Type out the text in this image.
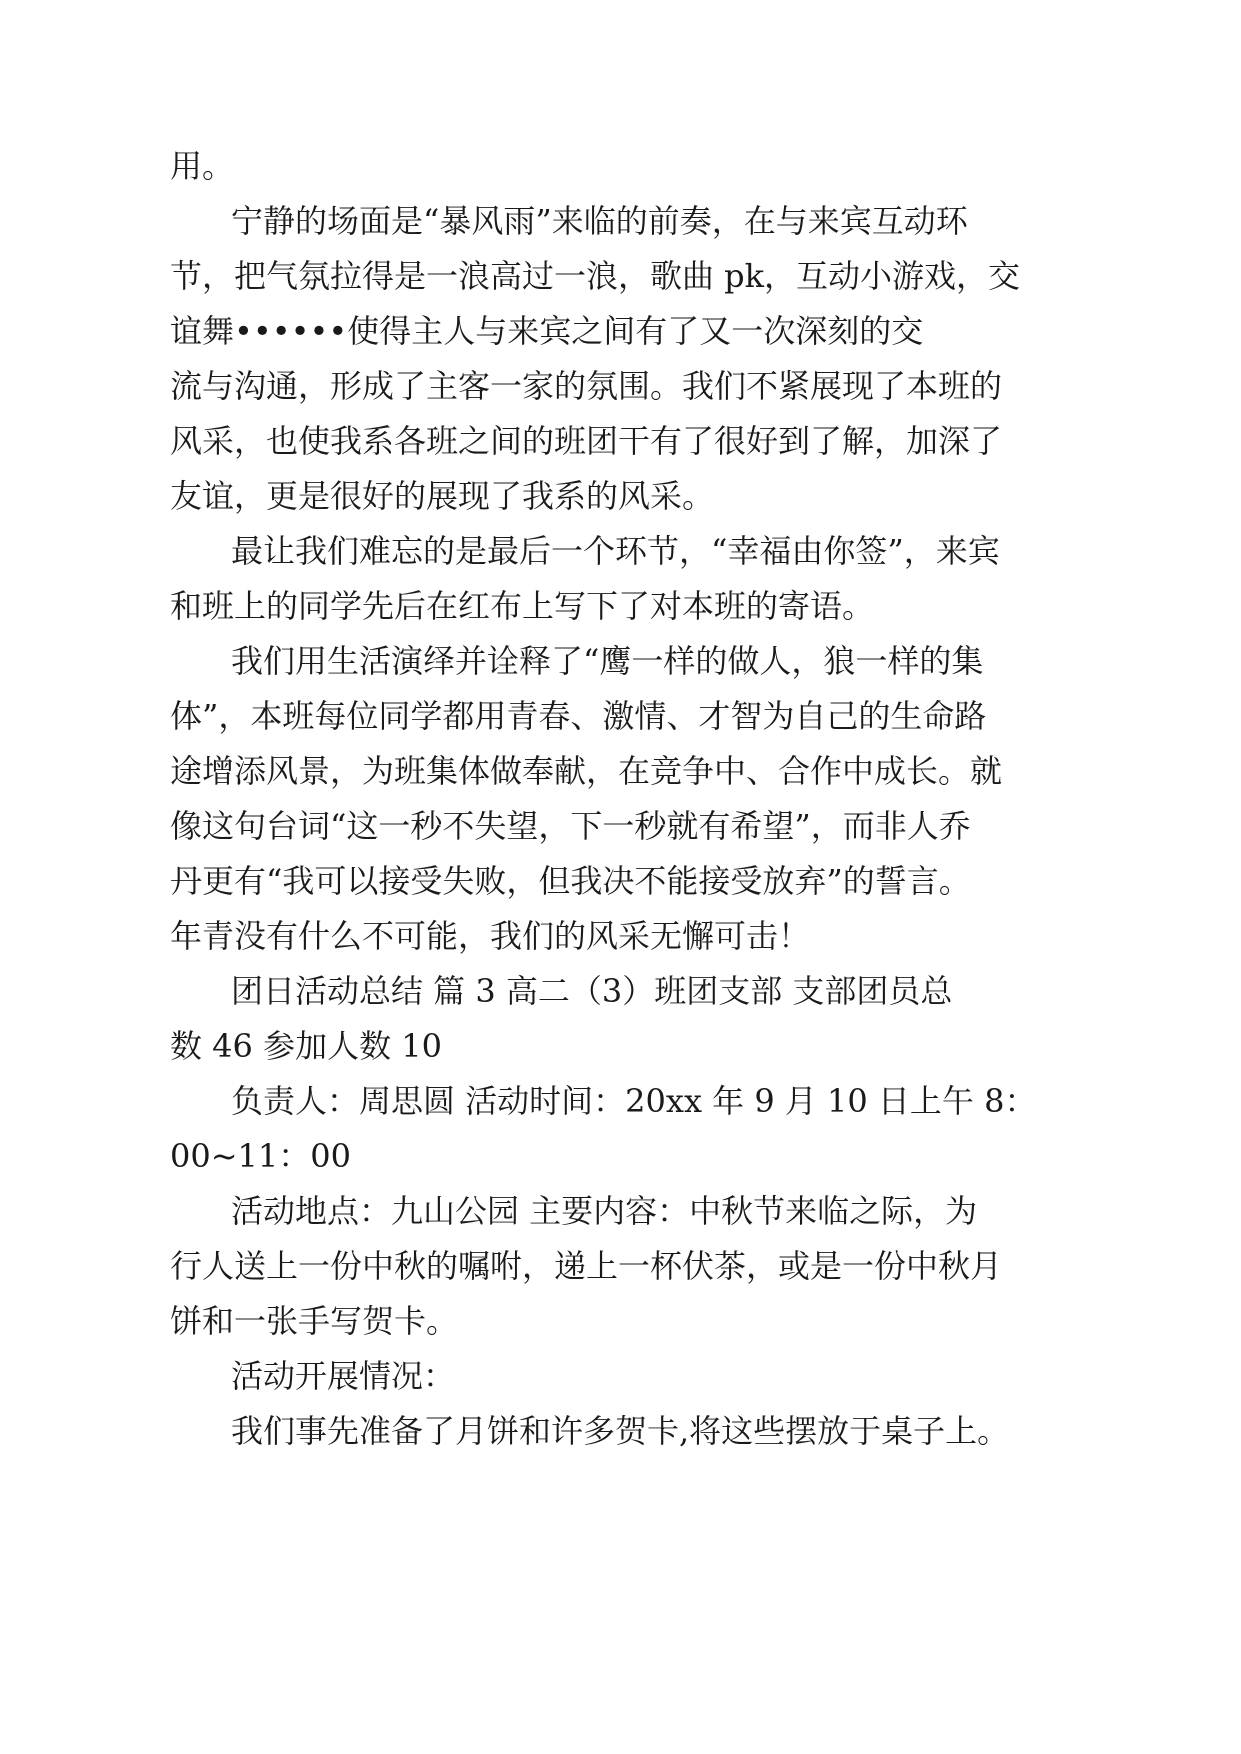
用。
宁静的场面是“暴风雨”来临的前奏，在与来宾互动环
节，把气氛拉得是一浪高过一浪，歌曲 pk，互动小游戏，交
谊舞••••••使得主人与来宾之间有了又一次深刻的交
流与沟通，形成了主客一家的氛围。我们不紧展现了本班的
风采，也使我系各班之间的班团干有了很好到了解，加深了
友谊，更是很好的展现了我系的风采。
最让我们难忘的是最后一个环节，“幸福由你签”，来宾
和班上的同学先后在红布上写下了对本班的寄语。
我们用生活演绎并诠释了“鹰一样的做人，狼一样的集
体”，本班每位同学都用青春、激情、才智为自己的生命路
途增添风景，为班集体做奉献，在竞争中、合作中成长。就
像这句台词“这一秒不失望，下一秒就有希望”，而非人乔
丹更有“我可以接受失败，但我决不能接受放弃”的誓言。
年青没有什么不可能，我们的风采无懈可击！
团日活动总结 篇 3 高二（3）班团支部 支部团员总
数 46 参加人数 10
负责人：周思圆 活动时间：20xx 年 9 月 10 日上午 8：
00~11：00
活动地点：九山公园 主要内容：中秋节来临之际，为
行人送上一份中秋的嘱咐，递上一杯伏茶，或是一份中秋月
饼和一张手写贺卡。
活动开展情况：
我们事先准备了月饼和许多贺卡,将这些摆放于桌子上。
